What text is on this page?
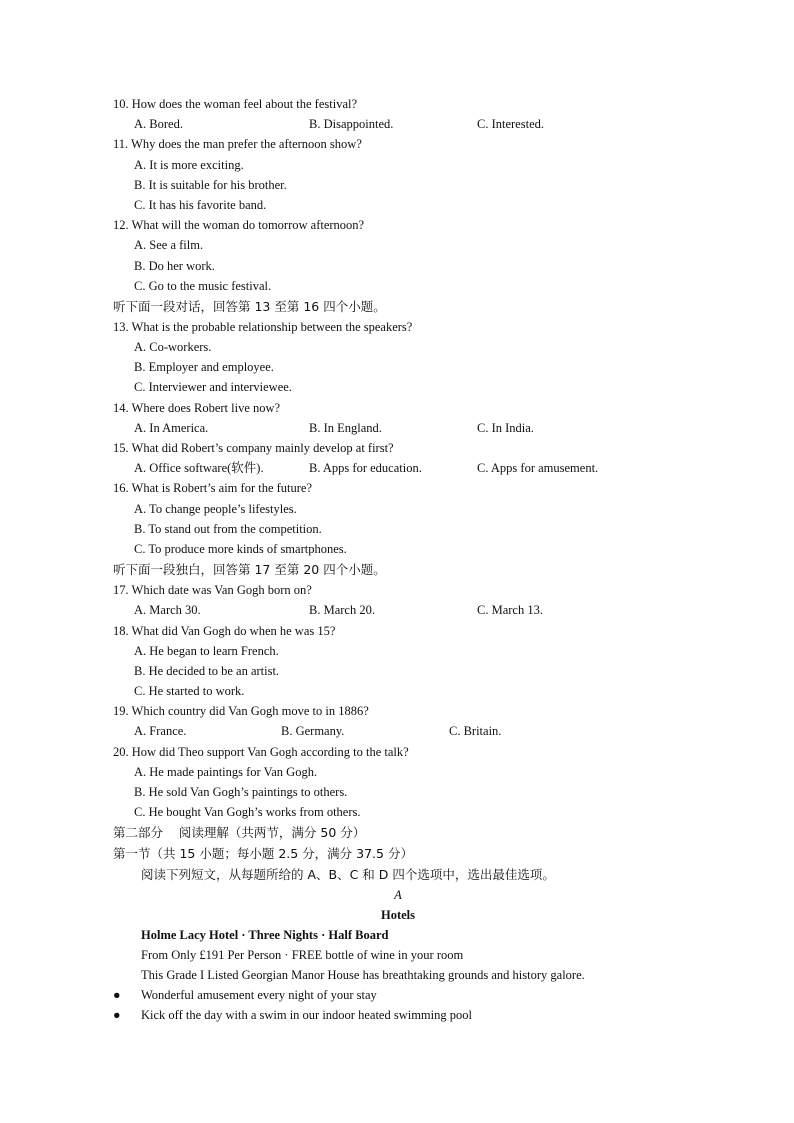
10. How does the woman feel about the festival?
A. Bored.	B. Disappointed.	C. Interested.
11. Why does the man prefer the afternoon show?
A. It is more exciting.
B. It is suitable for his brother.
C. It has his favorite band.
12. What will the woman do tomorrow afternoon?
A. See a film.
B. Do her work.
C. Go to the music festival.
听下面一段对话，回答第 13 至第 16 四个小题。
13. What is the probable relationship between the speakers?
A. Co-workers.
B. Employer and employee.
C. Interviewer and interviewee.
14. Where does Robert live now?
A. In America.	B. In England.	C. In India.
15. What did Robert’s company mainly develop at first?
A. Office software(软件).	B. Apps for education.	C. Apps for amusement.
16. What is Robert’s aim for the future?
A. To change people’s lifestyles.
B. To stand out from the competition.
C. To produce more kinds of smartphones.
听下面一段独白，回答第 17 至第 20 四个小题。
17. Which date was Van Gogh born on?
A. March 30.	B. March 20.	C. March 13.
18. What did Van Gogh do when he was 15?
A. He began to learn French.
B. He decided to be an artist.
C. He started to work.
19. Which country did Van Gogh move to in 1886?
A. France.	B. Germany.	C. Britain.
20. How did Theo support Van Gogh according to the talk?
A. He made paintings for Van Gogh.
B. He sold Van Gogh’s paintings to others.
C. He bought Van Gogh’s works from others.
第二部分    阅读理解（共两节，满分 50 分）
第一节（共 15 小题；每小题 2.5 分，满分 37.5 分）
阅读下列短文，从每题所给的 A、B、C 和 D 四个选项中，选出最佳选项。
A
Hotels
Holme Lacy Hotel · Three Nights · Half Board
From Only £191 Per Person · FREE bottle of wine in your room
This Grade I Listed Georgian Manor House has breathtaking grounds and history galore.
● Wonderful amusement every night of your stay
● Kick off the day with a swim in our indoor heated swimming pool
